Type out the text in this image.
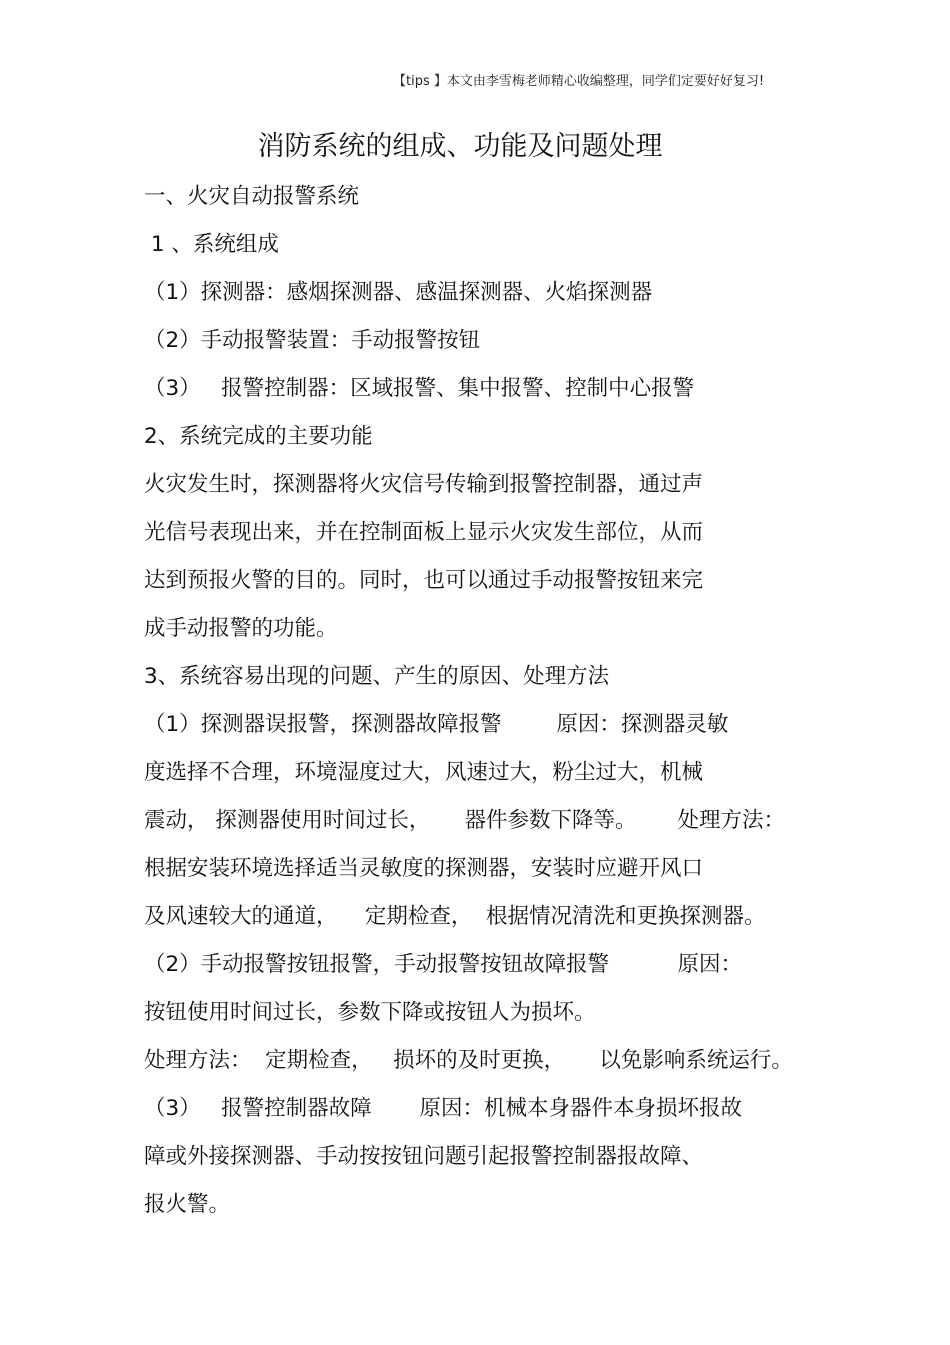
【tips 】本文由李雪梅老师精心收编整理，同学们定要好好复习!
消防系统的组成、功能及问题处理
一、火灾自动报警系统
1 、系统组成
（1）探测器：感烟探测器、感温探测器、火焰探测器
（2）手动报警装置：手动报警按钮
（3）   报警控制器：区域报警、集中报警、控制中心报警
2、系统完成的主要功能
火灾发生时，探测器将火灾信号传输到报警控制器，通过声
光信号表现出来，并在控制面板上显示火灾发生部位，从而
达到预报火警的目的。同时，也可以通过手动报警按钮来完
成手动报警的功能。
3、系统容易出现的问题、产生的原因、处理方法
（1）探测器误报警，探测器故障报警        原因：探测器灵敏
度选择不合理，环境湿度过大，风速过大，粉尘过大，机械
震动， 探测器使用时间过长，     器件参数下降等。      处理方法：
根据安装环境选择适当灵敏度的探测器，安装时应避开风口
及风速较大的通道，    定期检查，  根据情况清洗和更换探测器。
（2）手动报警按钮报警，手动报警按钮故障报警          原因：
按钮使用时间过长，参数下降或按钮人为损坏。
处理方法：  定期检查，   损坏的及时更换，     以免影响系统运行。
（3）   报警控制器故障       原因：机械本身器件本身损坏报故
障或外接探测器、手动按按钮问题引起报警控制器报故障、
报火警。
